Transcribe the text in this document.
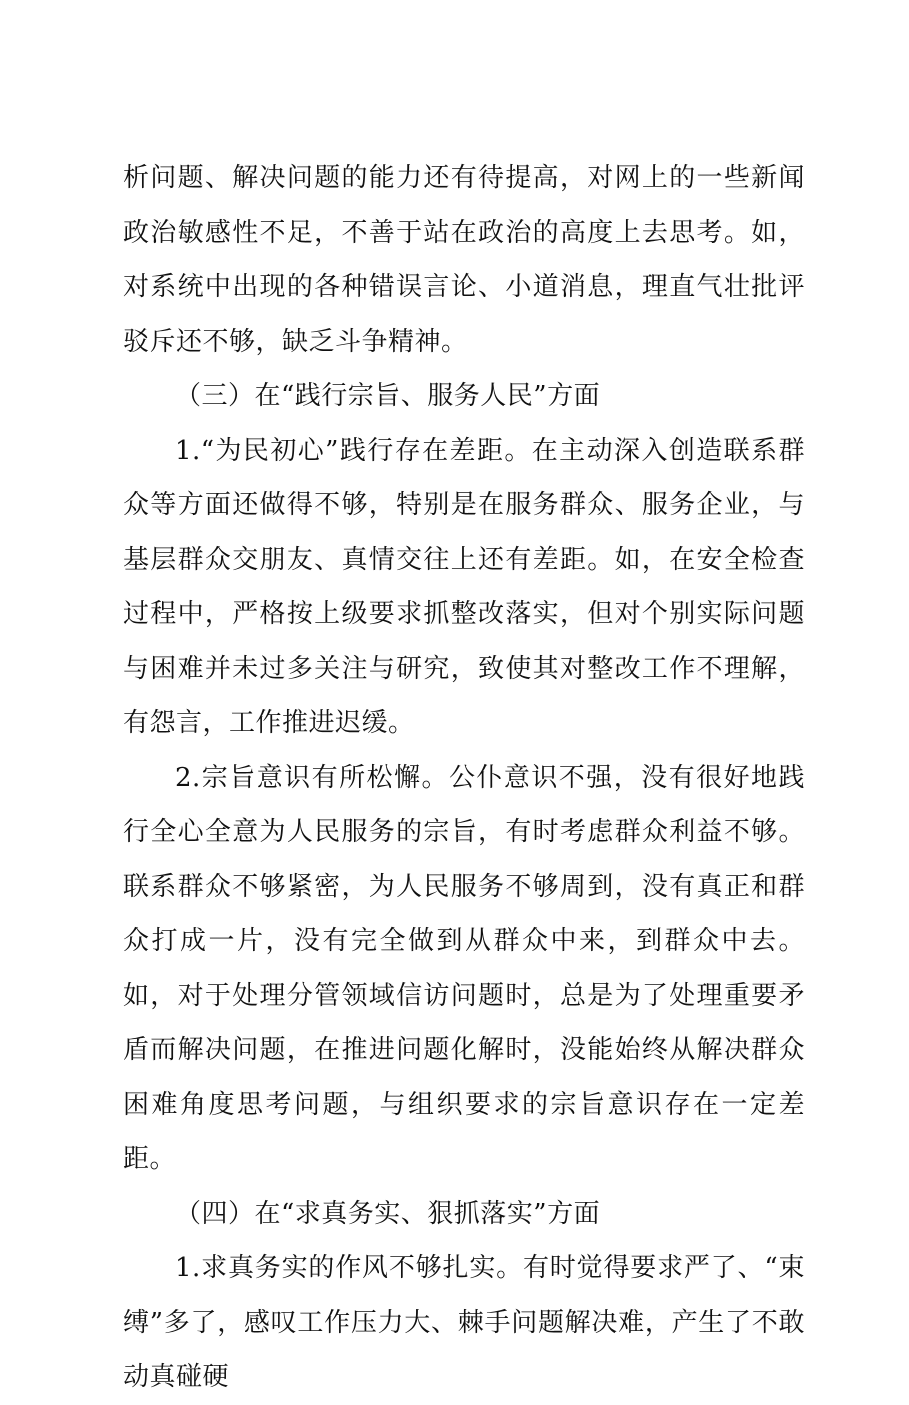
析问题、解决问题的能力还有待提高，对网上的一些新闻政治敏感性不足，不善于站在政治的高度上去思考。如，对系统中出现的各种错误言论、小道消息，理直气壮批评驳斥还不够，缺乏斗争精神。

（三）在“践行宗旨、服务人民”方面

1.“为民初心”践行存在差距。在主动深入创造联系群众等方面还做得不够，特别是在服务群众、服务企业，与基层群众交朋友、真情交往上还有差距。如，在安全检查过程中，严格按上级要求抓整改落实，但对个别实际问题与困难并未过多关注与研究，致使其对整改工作不理解，有怨言，工作推进迟缓。

2.宗旨意识有所松懈。公仆意识不强，没有很好地践行全心全意为人民服务的宗旨，有时考虑群众利益不够。联系群众不够紧密，为人民服务不够周到，没有真正和群众打成一片，没有完全做到从群众中来，到群众中去。如，对于处理分管领域信访问题时，总是为了处理重要矛盾而解决问题，在推进问题化解时，没能始终从解决群众困难角度思考问题，与组织要求的宗旨意识存在一定差距。

（四）在“求真务实、狠抓落实”方面

1.求真务实的作风不够扎实。有时觉得要求严了、“束缚”多了，感叹工作压力大、棘手问题解决难，产生了不敢动真碰硬
